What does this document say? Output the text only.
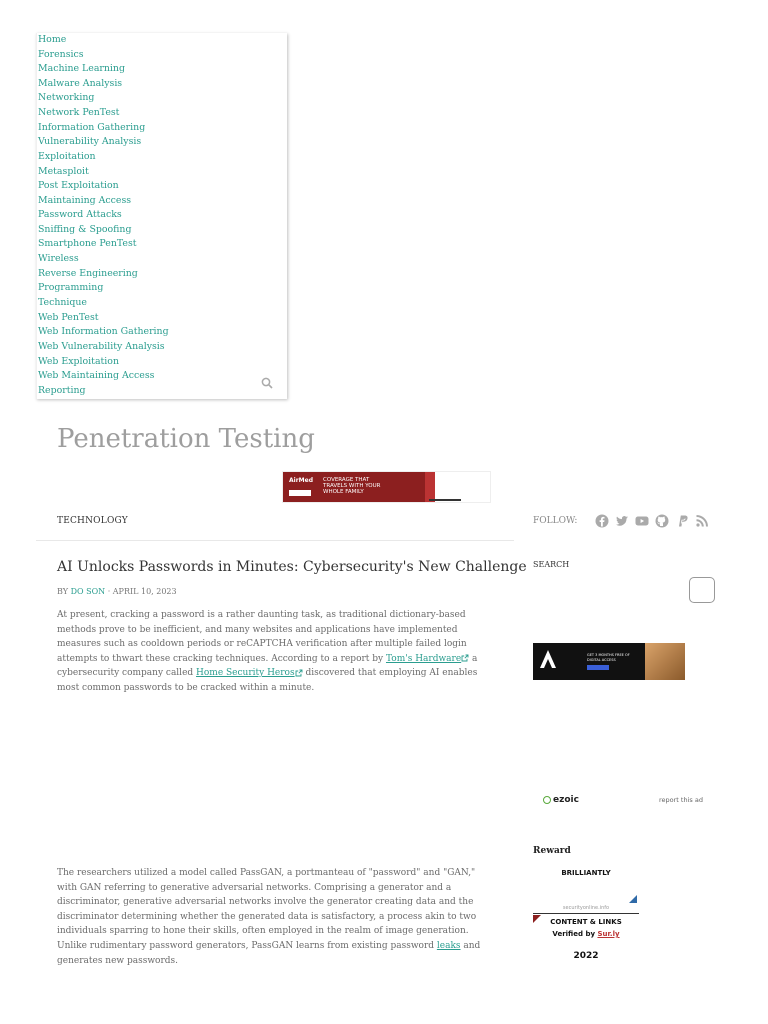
Home
Forensics
Machine Learning
Malware Analysis
Networking
Network PenTest
Information Gathering
Vulnerability Analysis
Exploitation
Metasploit
Post Exploitation
Maintaining Access
Password Attacks
Sniffing & Spoofing
Smartphone PenTest
Wireless
Reverse Engineering
Programming
Technique
Web PenTest
Web Information Gathering
Web Vulnerability Analysis
Web Exploitation
Web Maintaining Access
Reporting
Penetration Testing
AirMed COVERAGE THAT TRAVELS WITH YOUR WHOLE FAMILY
TECHNOLOGY	FOLLOW:
AI Unlocks Passwords in Minutes: Cybersecurity's New Challenge
BY DO SON · APRIL 10, 2023

At present, cracking a password is a rather daunting task, as traditional dictionary-based methods prove to be inefficient, and many websites and applications have implemented measures such as cooldown periods or reCAPTCHA verification after multiple failed login attempts to thwart these cracking techniques. According to a report by Tom's Hardware a cybersecurity company called Home Security Heros discovered that employing AI enables most common passwords to be cracked within a minute.

The researchers utilized a model called PassGAN, a portmanteau of "password" and "GAN," with GAN referring to generative adversarial networks. Comprising a generator and a discriminator, generative adversarial networks involve the generator creating data and the discriminator determining whether the generated data is satisfactory, a process akin to two individuals sparring to hone their skills, often employed in the realm of image generation. Unlike rudimentary password generators, PassGAN learns from existing password leaks and generates new passwords.

SEARCH
GET 3 MONTHS FREE OF DIGITAL ACCESS
ezoic	report this ad
Reward
BRILLIANTLY
securityonline.info
CONTENT & LINKS
Verified by Sur.ly
2022
